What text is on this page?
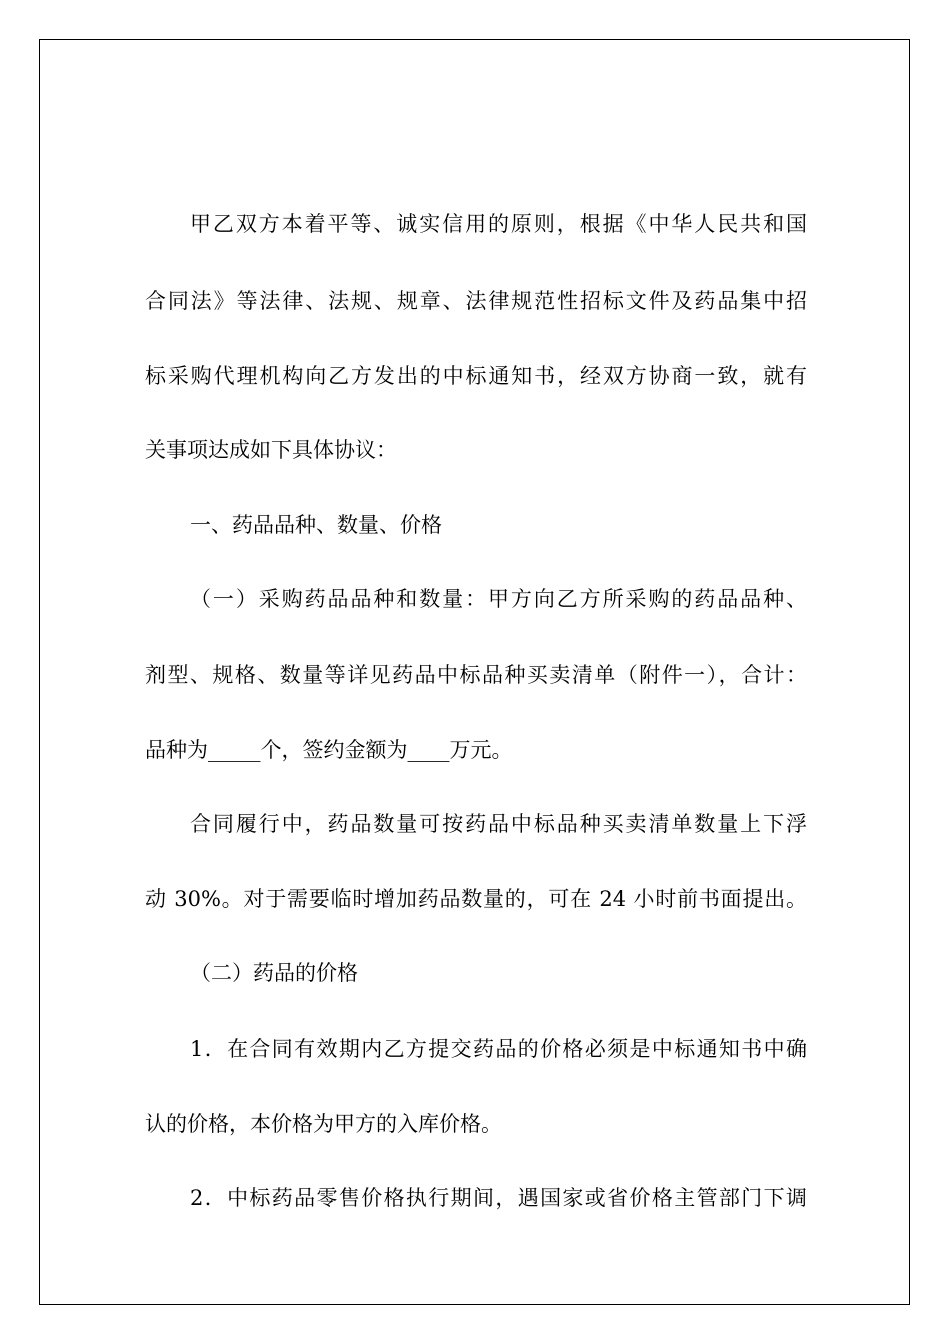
甲乙双方本着平等、诚实信用的原则，根据《中华人民共和国
合同法》等法律、法规、规章、法律规范性招标文件及药品集中招
标采购代理机构向乙方发出的中标通知书，经双方协商一致，就有
关事项达成如下具体协议：
一、药品品种、数量、价格
（一）采购药品品种和数量：甲方向乙方所采购的药品品种、
剂型、规格、数量等详见药品中标品种买卖清单（附件一），合计：
品种为_____个，签约金额为____万元。
合同履行中，药品数量可按药品中标品种买卖清单数量上下浮
动 30%。对于需要临时增加药品数量的，可在 24 小时前书面提出。
（二）药品的价格
1．在合同有效期内乙方提交药品的价格必须是中标通知书中确
认的价格，本价格为甲方的入库价格。
2．中标药品零售价格执行期间，遇国家或省价格主管部门下调
